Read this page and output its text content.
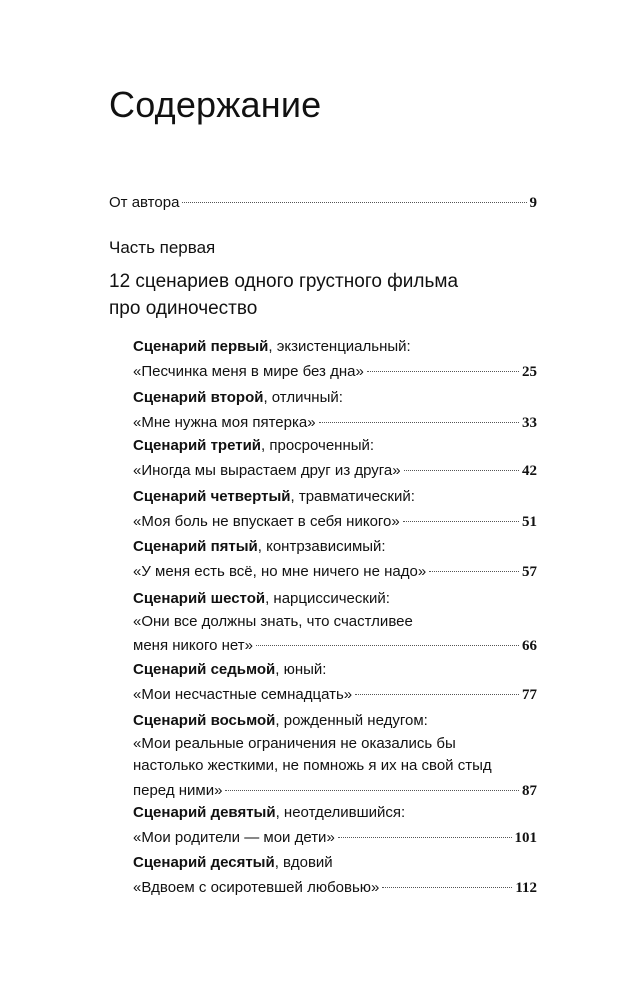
Содержание
От автора	9
Часть первая
12 сценариев одного грустного фильма
про одиночество
Сценарий первый, экзистенциальный:
«Песчинка меня в мире без дна»	25
Сценарий второй, отличный:
«Мне нужна моя пятерка»	33
Сценарий третий, просроченный:
«Иногда мы вырастаем друг из друга»	42
Сценарий четвертый, травматический:
«Моя боль не впускает в себя никого»	51
Сценарий пятый, контрзависимый:
«У меня есть всё, но мне ничего не надо»	57
Сценарий шестой, нарциссический:
«Они все должны знать, что счастливее
меня никого нет»	66
Сценарий седьмой, юный:
«Мои несчастные семнадцать»	77
Сценарий восьмой, рожденный недугом:
«Мои реальные ограничения не оказались бы
настолько жесткими, не помножь я их на свой стыд
перед ними»	87
Сценарий девятый, неотделившийся:
«Мои родители — мои дети»	101
Сценарий десятый, вдовий
«Вдвоем с осиротевшей любовью»	112
